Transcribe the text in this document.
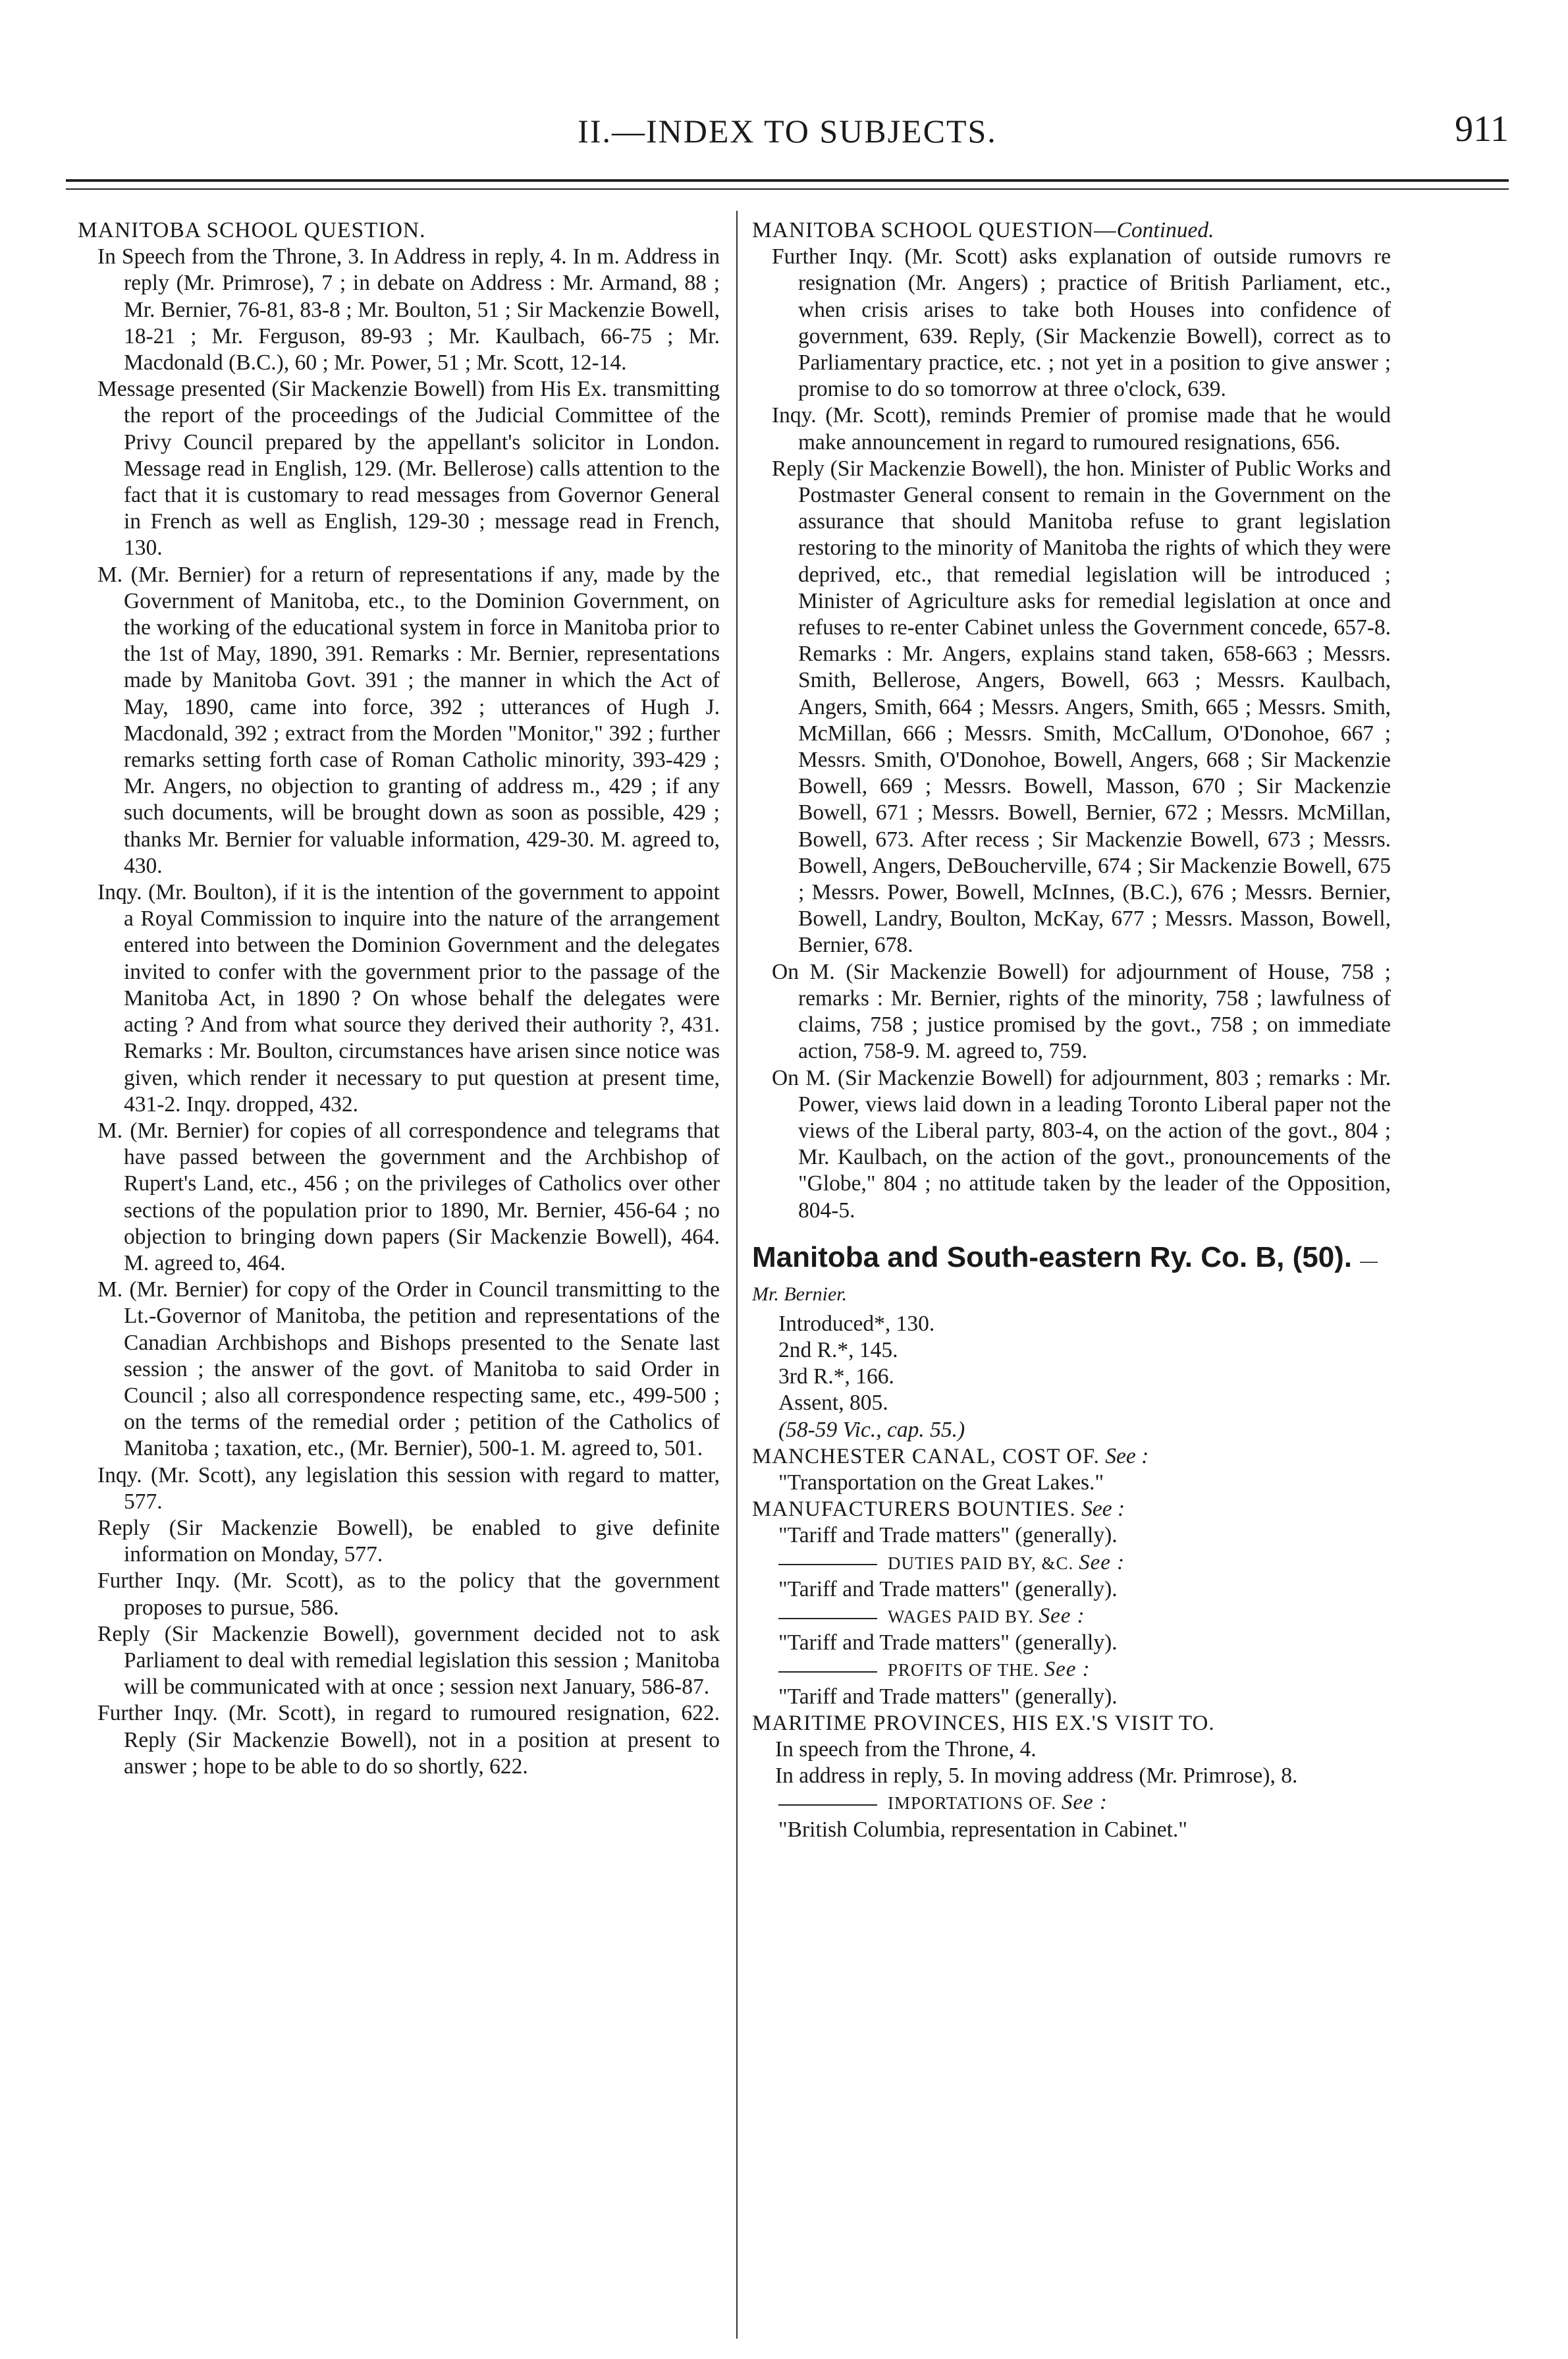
II.—INDEX TO SUBJECTS.	911

MANITOBA SCHOOL QUESTION.

In Speech from the Throne, 3. In Address in reply, 4. In m. Address in reply (Mr. Primrose), 7 ; in debate on Address : Mr. Armand, 88 ; Mr. Bernier, 76-81, 83-8 ; Mr. Boulton, 51 ; Sir Mackenzie Bowell, 18-21 ; Mr. Ferguson, 89-93 ; Mr. Kaulbach, 66-75 ; Mr. Macdonald (B.C.), 60 ; Mr. Power, 51 ; Mr. Scott, 12-14.

Message presented (Sir Mackenzie Bowell) from His Ex. transmitting the report of the proceedings of the Judicial Committee of the Privy Council prepared by the appellant's solicitor in London. Message read in English, 129. (Mr. Bellerose) calls attention to the fact that it is customary to read messages from Governor General in French as well as English, 129-30 ; message read in French, 130.

M. (Mr. Bernier) for a return of representations if any, made by the Government of Manitoba, etc., to the Dominion Government, on the working of the educational system in force in Manitoba prior to the 1st of May, 1890, 391. Remarks : Mr. Bernier, representations made by Manitoba Govt. 391 ; the manner in which the Act of May, 1890, came into force, 392 ; utterances of Hugh J. Macdonald, 392 ; extract from the Morden "Monitor," 392 ; further remarks setting forth case of Roman Catholic minority, 393-429 ; Mr. Angers, no objection to granting of address m., 429 ; if any such documents, will be brought down as soon as possible, 429 ; thanks Mr. Bernier for valuable information, 429-30. M. agreed to, 430.

Inqy. (Mr. Boulton), if it is the intention of the government to appoint a Royal Commission to inquire into the nature of the arrangement entered into between the Dominion Government and the delegates invited to confer with the government prior to the passage of the Manitoba Act, in 1890 ? On whose behalf the delegates were acting ? And from what source they derived their authority ?, 431. Remarks : Mr. Boulton, circumstances have arisen since notice was given, which render it necessary to put question at present time, 431-2. Inqy. dropped, 432.

M. (Mr. Bernier) for copies of all correspondence and telegrams that have passed between the government and the Archbishop of Rupert's Land, etc., 456 ; on the privileges of Catholics over other sections of the population prior to 1890, Mr. Bernier, 456-64 ; no objection to bringing down papers (Sir Mackenzie Bowell), 464. M. agreed to, 464.

M. (Mr. Bernier) for copy of the Order in Council transmitting to the Lt.-Governor of Manitoba, the petition and representations of the Canadian Archbishops and Bishops presented to the Senate last session ; the answer of the govt. of Manitoba to said Order in Council ; also all correspondence respecting same, etc., 499-500 ; on the terms of the remedial order ; petition of the Catholics of Manitoba ; taxation, etc., (Mr. Bernier), 500-1. M. agreed to, 501.

Inqy. (Mr. Scott), any legislation this session with regard to matter, 577.

Reply (Sir Mackenzie Bowell), be enabled to give definite information on Monday, 577.

Further Inqy. (Mr. Scott), as to the policy that the government proposes to pursue, 586.

Reply (Sir Mackenzie Bowell), government decided not to ask Parliament to deal with remedial legislation this session ; Manitoba will be communicated with at once ; session next January, 586-87.

Further Inqy. (Mr. Scott), in regard to rumoured resignation, 622. Reply (Sir Mackenzie Bowell), not in a position at present to answer ; hope to be able to do so shortly, 622.

MANITOBA SCHOOL QUESTION—Continued.

Further Inqy. (Mr. Scott) asks explanation of outside rumovrs re resignation (Mr. Angers) ; practice of British Parliament, etc., when crisis arises to take both Houses into confidence of government, 639. Reply, (Sir Mackenzie Bowell), correct as to Parliamentary practice, etc. ; not yet in a position to give answer ; promise to do so tomorrow at three o'clock, 639.

Inqy. (Mr. Scott), reminds Premier of promise made that he would make announcement in regard to rumoured resignations, 656.

Reply (Sir Mackenzie Bowell), the hon. Minister of Public Works and Postmaster General consent to remain in the Government on the assurance that should Manitoba refuse to grant legislation restoring to the minority of Manitoba the rights of which they were deprived, etc., that remedial legislation will be introduced ; Minister of Agriculture asks for remedial legislation at once and refuses to re-enter Cabinet unless the Government concede, 657-8. Remarks : Mr. Angers, explains stand taken, 658-663 ; Messrs. Smith, Bellerose, Angers, Bowell, 663 ; Messrs. Kaulbach, Angers, Smith, 664 ; Messrs. Angers, Smith, 665 ; Messrs. Smith, McMillan, 666 ; Messrs. Smith, McCallum, O'Donohoe, 667 ; Messrs. Smith, O'Donohoe, Bowell, Angers, 668 ; Sir Mackenzie Bowell, 669 ; Messrs. Bowell, Masson, 670 ; Sir Mackenzie Bowell, 671 ; Messrs. Bowell, Bernier, 672 ; Messrs. McMillan, Bowell, 673. After recess ; Sir Mackenzie Bowell, 673 ; Messrs. Bowell, Angers, DeBoucherville, 674 ; Sir Mackenzie Bowell, 675 ; Messrs. Power, Bowell, McInnes, (B.C.), 676 ; Messrs. Bernier, Bowell, Landry, Boulton, McKay, 677 ; Messrs. Masson, Bowell, Bernier, 678.

On M. (Sir Mackenzie Bowell) for adjournment of House, 758 ; remarks : Mr. Bernier, rights of the minority, 758 ; lawfulness of claims, 758 ; justice promised by the govt., 758 ; on immediate action, 758-9. M. agreed to, 759.

On M. (Sir Mackenzie Bowell) for adjournment, 803 ; remarks : Mr. Power, views laid down in a leading Toronto Liberal paper not the views of the Liberal party, 803-4, on the action of the govt., 804 ; Mr. Kaulbach, on the action of the govt., pronouncements of the "Globe," 804 ; no attitude taken by the leader of the Opposition, 804-5.

Manitoba and South-eastern Ry. Co. B, (50). —Mr. Bernier.

Introduced*, 130.

2nd R.*, 145.

3rd R.*, 166.

Assent, 805.

(58-59 Vic., cap. 55.)

MANCHESTER CANAL, COST OF. See :

"Transportation on the Great Lakes."

MANUFACTURERS BOUNTIES. See :

"Tariff and Trade matters" (generally).

DUTIES PAID BY, &C. See :

"Tariff and Trade matters" (generally).

WAGES PAID BY. See :

"Tariff and Trade matters" (generally).

PROFITS OF THE. See :

"Tariff and Trade matters" (generally).

MARITIME PROVINCES, HIS EX.'S VISIT TO.

In speech from the Throne, 4.

In address in reply, 5. In moving address (Mr. Primrose), 8.

IMPORTATIONS OF. See :

"British Columbia, representation in Cabinet."
